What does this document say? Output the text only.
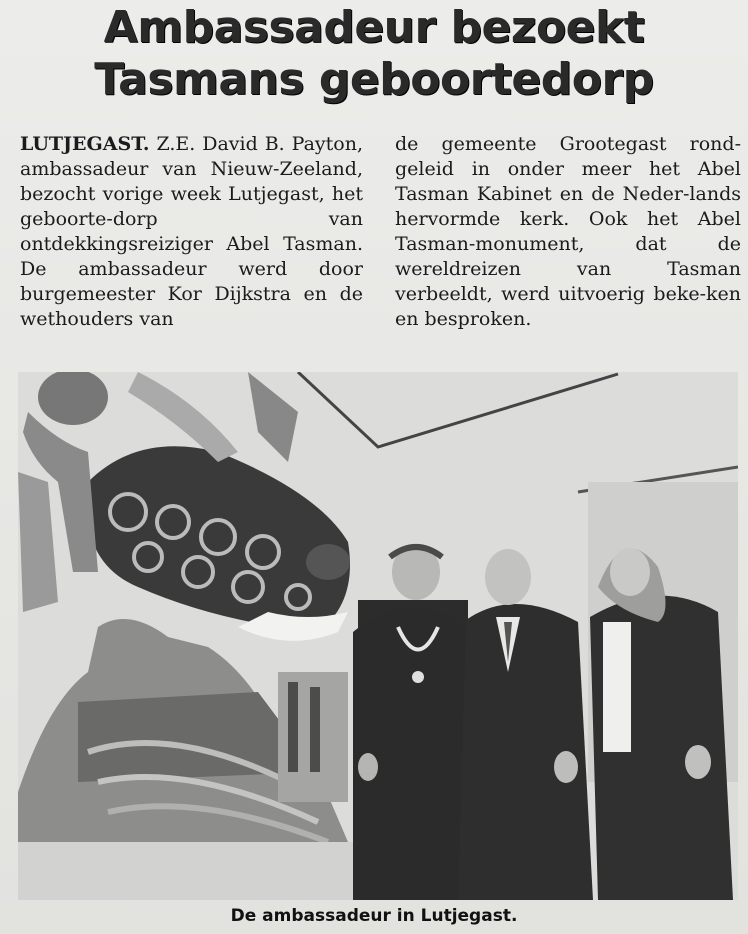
Ambassadeur bezoekt
Tasmans geboortedorp

LUTJEGAST. Z.E. David B. Payton, ambassadeur van Nieuw-Zeeland, bezocht vorige week Lutjegast, het geboorte-dorp van ontdekkingsreiziger Abel Tasman. De ambassadeur werd door burgemeester Kor Dijkstra en de wethouders van

de gemeente Grootegast rond-geleid in onder meer het Abel Tasman Kabinet en de Neder-lands hervormde kerk. Ook het Abel Tasman-monument, dat de wereldreizen van Tasman verbeeldt, werd uitvoerig beke-ken en besproken.

De ambassadeur in Lutjegast.
